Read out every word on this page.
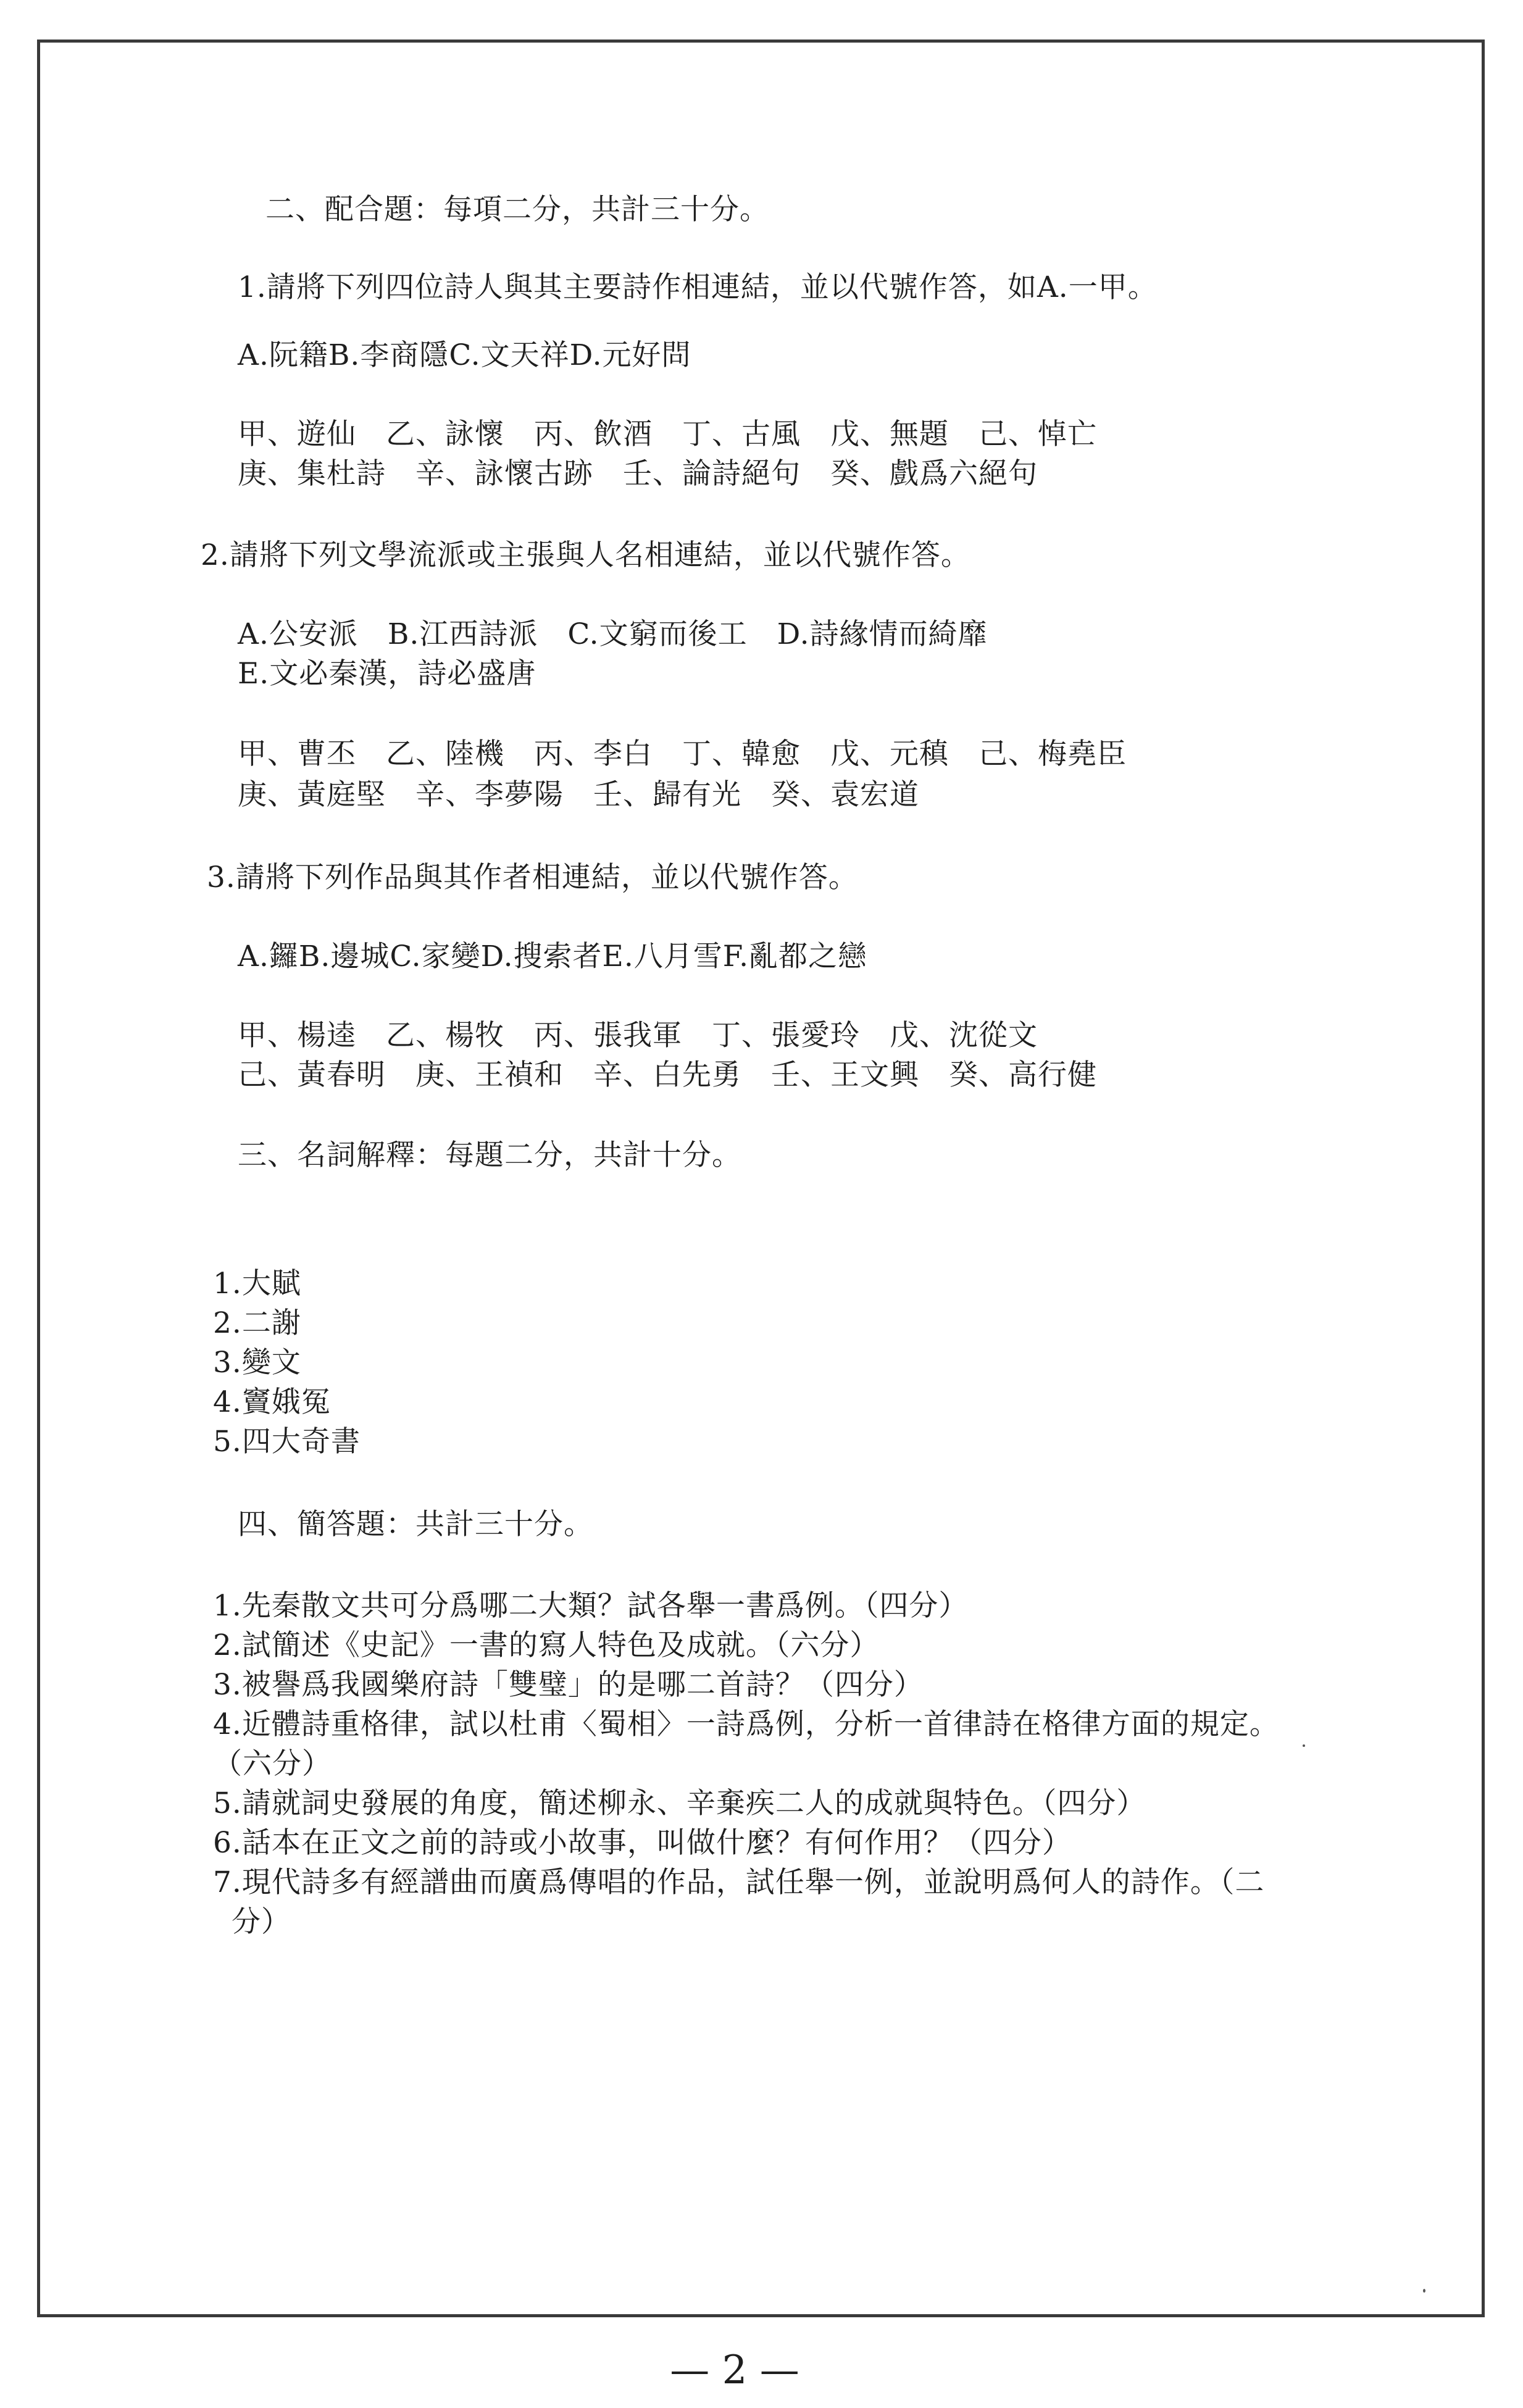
二、配合題：每項二分，共計三十分。
1.請將下列四位詩人與其主要詩作相連結，並以代號作答，如A.一甲。
A.阮籍B.李商隱C.文天祥D.元好問
甲、遊仙　乙、詠懷　丙、飲酒　丁、古風　戊、無題　己、悼亡
庚、集杜詩　辛、詠懷古跡　壬、論詩絕句　癸、戲爲六絕句
2.請將下列文學流派或主張與人名相連結，並以代號作答。
A.公安派　B.江西詩派　C.文窮而後工　D.詩緣情而綺靡
E.文必秦漢，詩必盛唐
甲、曹丕　乙、陸機　丙、李白　丁、韓愈　戊、元稹　己、梅堯臣
庚、黃庭堅　辛、李夢陽　壬、歸有光　癸、袁宏道
3.請將下列作品與其作者相連結，並以代號作答。
A.鑼B.邊城C.家變D.搜索者E.八月雪F.亂都之戀
甲、楊逵　乙、楊牧　丙、張我軍　丁、張愛玲　戊、沈從文
己、黃春明　庚、王禎和　辛、白先勇　壬、王文興　癸、高行健
三、名詞解釋：每題二分，共計十分。
1.大賦
2.二謝
3.變文
4.竇娥冤
5.四大奇書
四、簡答題：共計三十分。
1.先秦散文共可分爲哪二大類？試各舉一書爲例。（四分）
2.試簡述《史記》一書的寫人特色及成就。（六分）
3.被譽爲我國樂府詩「雙璧」的是哪二首詩？（四分）
4.近體詩重格律，試以杜甫〈蜀相〉一詩爲例，分析一首律詩在格律方面的規定。
（六分）
5.請就詞史發展的角度，簡述柳永、辛棄疾二人的成就與特色。（四分）
6.話本在正文之前的詩或小故事，叫做什麼？有何作用？（四分）
7.現代詩多有經譜曲而廣爲傳唱的作品，試任舉一例，並說明爲何人的詩作。（二
分）
— 2 —
